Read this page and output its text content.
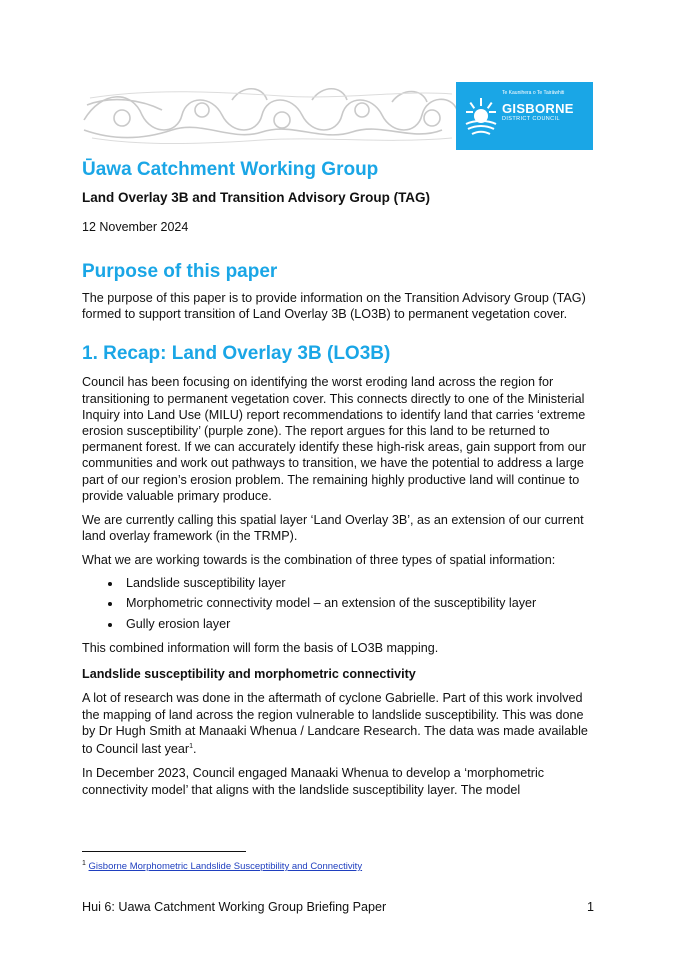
Te Kaunihera o Te Tairāwhiti
GISBORNE
DISTRICT COUNCIL
Ūawa Catchment Working Group
Land Overlay 3B and Transition Advisory Group (TAG)
12 November 2024
Purpose of this paper

The purpose of this paper is to provide information on the Transition Advisory Group (TAG) formed to support transition of Land Overlay 3B (LO3B) to permanent vegetation cover.

1. Recap: Land Overlay 3B (LO3B)

Council has been focusing on identifying the worst eroding land across the region for transitioning to permanent vegetation cover. This connects directly to one of the Ministerial Inquiry into Land Use (MILU) report recommendations to identify land that carries ‘extreme erosion susceptibility’ (purple zone). The report argues for this land to be returned to permanent forest. If we can accurately identify these high-risk areas, gain support from our communities and work out pathways to transition, we have the potential to address a large part of our region’s erosion problem. The remaining highly productive land will continue to provide valuable primary produce.

We are currently calling this spatial layer ‘Land Overlay 3B’, as an extension of our current land overlay framework (in the TRMP).

What we are working towards is the combination of three types of spatial information:

• Landslide susceptibility layer
• Morphometric connectivity model – an extension of the susceptibility layer
• Gully erosion layer

This combined information will form the basis of LO3B mapping.

Landslide susceptibility and morphometric connectivity

A lot of research was done in the aftermath of cyclone Gabrielle. Part of this work involved the mapping of land across the region vulnerable to landslide susceptibility. This was done by Dr Hugh Smith at Manaaki Whenua / Landcare Research. The data was made available to Council last year$^1$.

In December 2023, Council engaged Manaaki Whenua to develop a ‘morphometric connectivity model’ that aligns with the landslide susceptibility layer. The model

$^1$ Gisborne Morphometric Landslide Susceptibility and Connectivity
Hui 6: Uawa Catchment Working Group Briefing Paper	1
